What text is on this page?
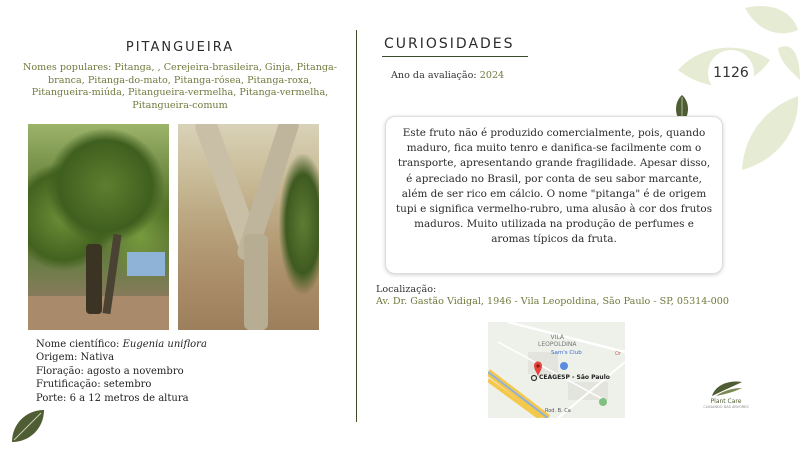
1126
PITANGUEIRA
Nomes populares: Pitanga, , Cerejeira-brasileira, Ginja, Pitanga-branca, Pitanga-do-mato, Pitanga-rósea, Pitanga-roxa, Pitangueira-miúda, Pitangueira-vermelha, Pitanga-vermelha, Pitangueira-comum
Nome científico: Eugenia uniflora
Origem: Nativa
Floração: agosto a novembro
Frutificação: setembro
Porte: 6 a 12 metros de altura
CURIOSIDADES
Ano da avaliação: 2024

Este fruto não é produzido comercialmente, pois, quando maduro, fica muito tenro e danifica-se facilmente com o transporte, apresentando grande fragilidade. Apesar disso, é apreciado no Brasil, por conta de seu sabor marcante, além de ser rico em cálcio. O nome "pitanga" é de origem tupi e significa vermelho-rubro, uma alusão à cor dos frutos maduros. Muito utilizada na produção de perfumes e aromas típicos da fruta.

Localização:
Av. Dr. Gastão Vidigal, 1946 - Vila Leopoldina, São Paulo - SP, 05314-000
VILA
LEOPOLDINA
Sam's Club
CEAGESP - São Paulo
Rod. B. Ca
Or
Plant Care
CUIDANDO DAS ÁRVORES
